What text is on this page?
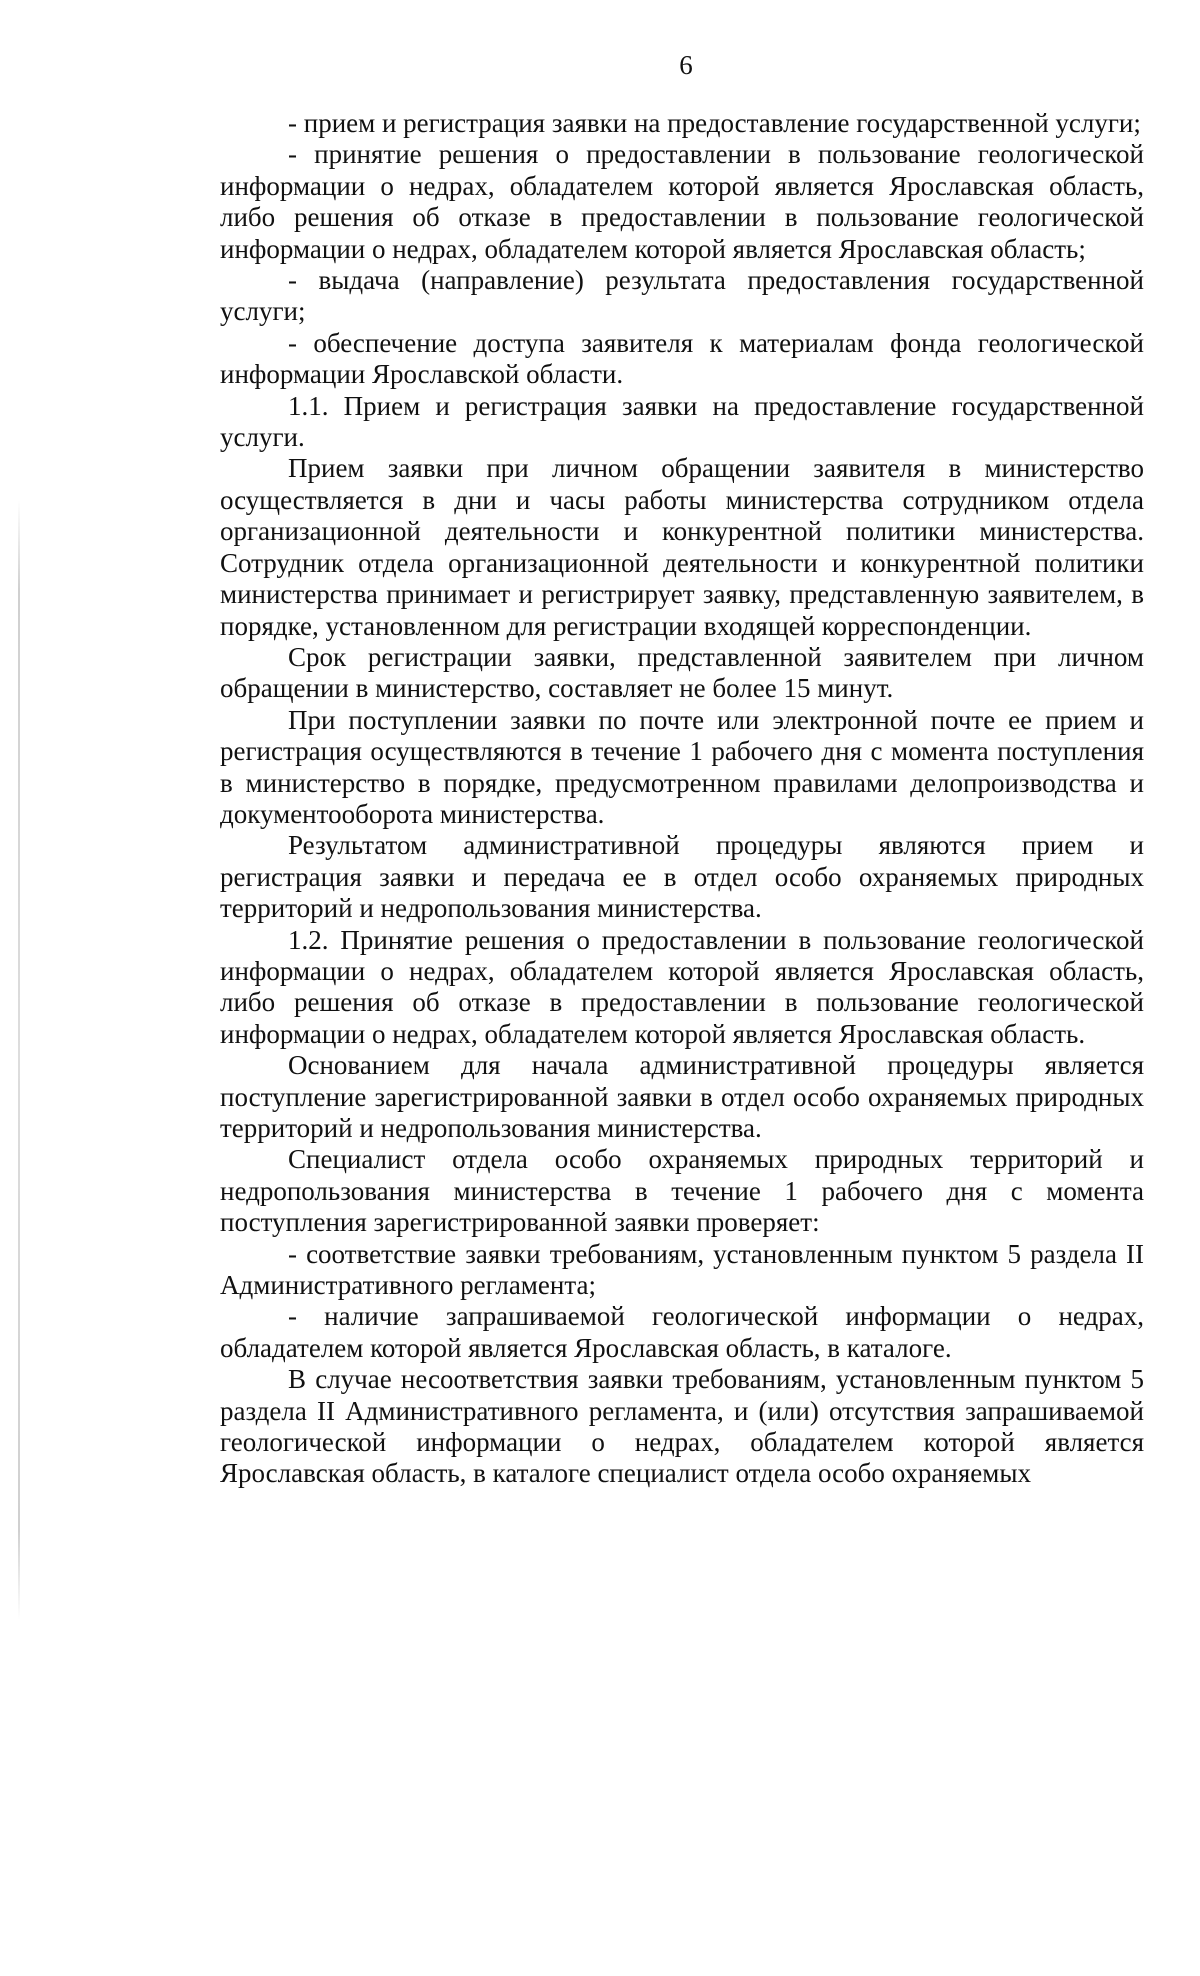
6

- прием и регистрация заявки на предоставление государственной услуги;

- принятие решения о предоставлении в пользование геологической информации о недрах, обладателем которой является Ярославская область, либо решения об отказе в предоставлении в пользование геологической информации о недрах, обладателем которой является Ярославская область;

- выдача (направление) результата предоставления государственной услуги;

- обеспечение доступа заявителя к материалам фонда геологической информации Ярославской области.

1.1. Прием и регистрация заявки на предоставление государственной услуги.

Прием заявки при личном обращении заявителя в министерство осуществляется в дни и часы работы министерства сотрудником отдела организационной деятельности и конкурентной политики министерства. Сотрудник отдела организационной деятельности и конкурентной политики министерства принимает и регистрирует заявку, представленную заявителем, в порядке, установленном для регистрации входящей корреспонденции.

Срок регистрации заявки, представленной заявителем при личном обращении в министерство, составляет не более 15 минут.

При поступлении заявки по почте или электронной почте ее прием и регистрация осуществляются в течение 1 рабочего дня с момента поступления в министерство в порядке, предусмотренном правилами делопроизводства и документооборота министерства.

Результатом административной процедуры являются прием и регистрация заявки и передача ее в отдел особо охраняемых природных территорий и недропользования министерства.

1.2. Принятие решения о предоставлении в пользование геологической информации о недрах, обладателем которой является Ярославская область, либо решения об отказе в предоставлении в пользование геологической информации о недрах, обладателем которой является Ярославская область.

Основанием для начала административной процедуры является поступление зарегистрированной заявки в отдел особо охраняемых природных территорий и недропользования министерства.

Специалист отдела особо охраняемых природных территорий и недропользования министерства в течение 1 рабочего дня с момента поступления зарегистрированной заявки проверяет:

- соответствие заявки требованиям, установленным пунктом 5 раздела II Административного регламента;

- наличие запрашиваемой геологической информации о недрах, обладателем которой является Ярославская область, в каталоге.

В случае несоответствия заявки требованиям, установленным пунктом 5 раздела II Административного регламента, и (или) отсутствия запрашиваемой геологической информации о недрах, обладателем которой является Ярославская область, в каталоге специалист отдела особо охраняемых
